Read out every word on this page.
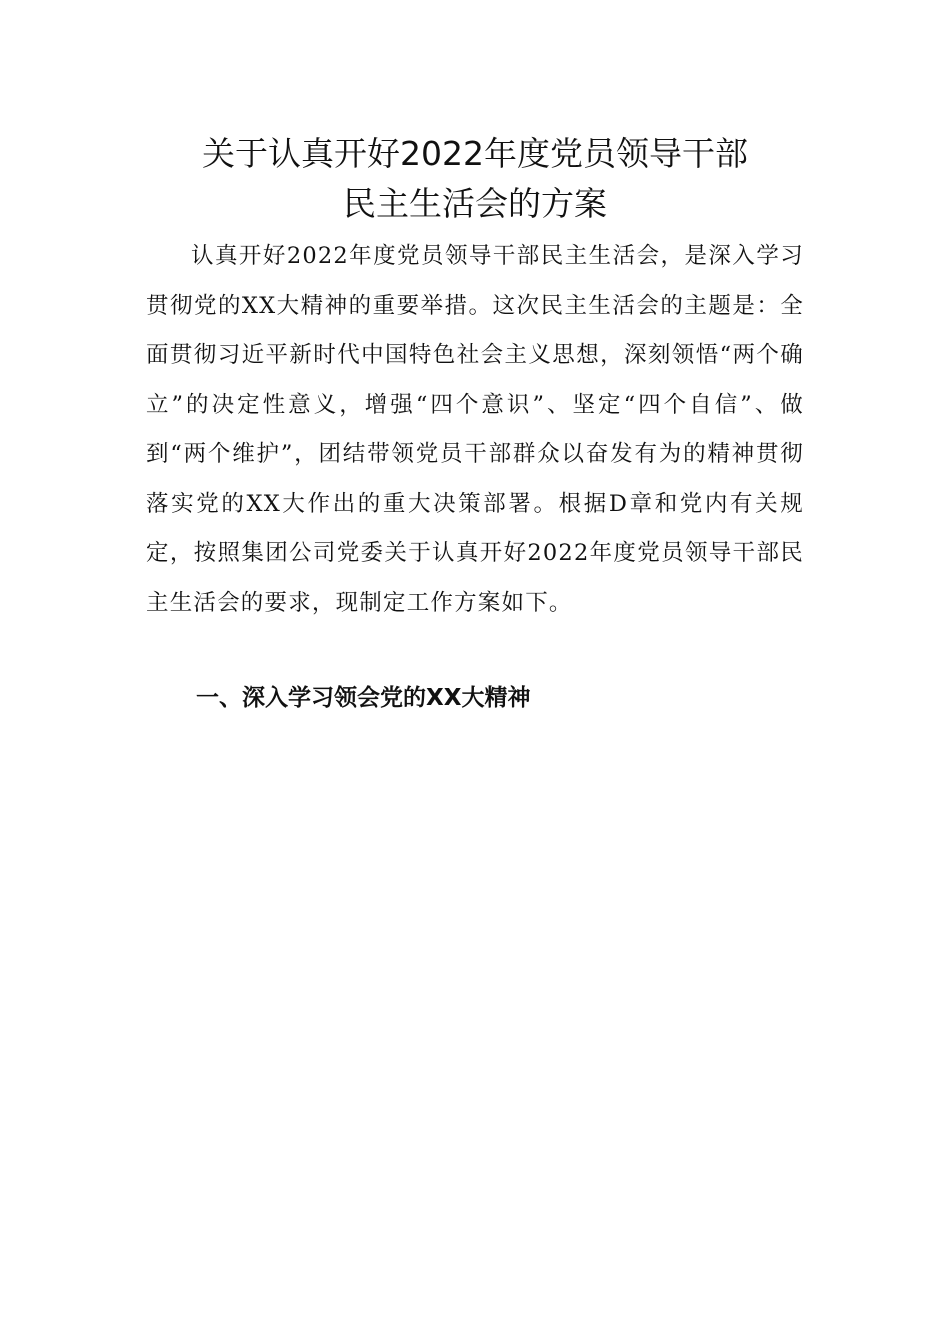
关于认真开好2022年度党员领导干部
民主生活会的方案

认真开好2022年度党员领导干部民主生活会，是深入学习贯彻党的XX大精神的重要举措。这次民主生活会的主题是：全面贯彻习近平新时代中国特色社会主义思想，深刻领悟“两个确立”的决定性意义，增强“四个意识”、坚定“四个自信”、做到“两个维护”，团结带领党员干部群众以奋发有为的精神贯彻落实党的XX大作出的重大决策部署。根据D章和党内有关规定，按照集团公司党委关于认真开好2022年度党员领导干部民主生活会的要求，现制定工作方案如下。

一、深入学习领会党的XX大精神
